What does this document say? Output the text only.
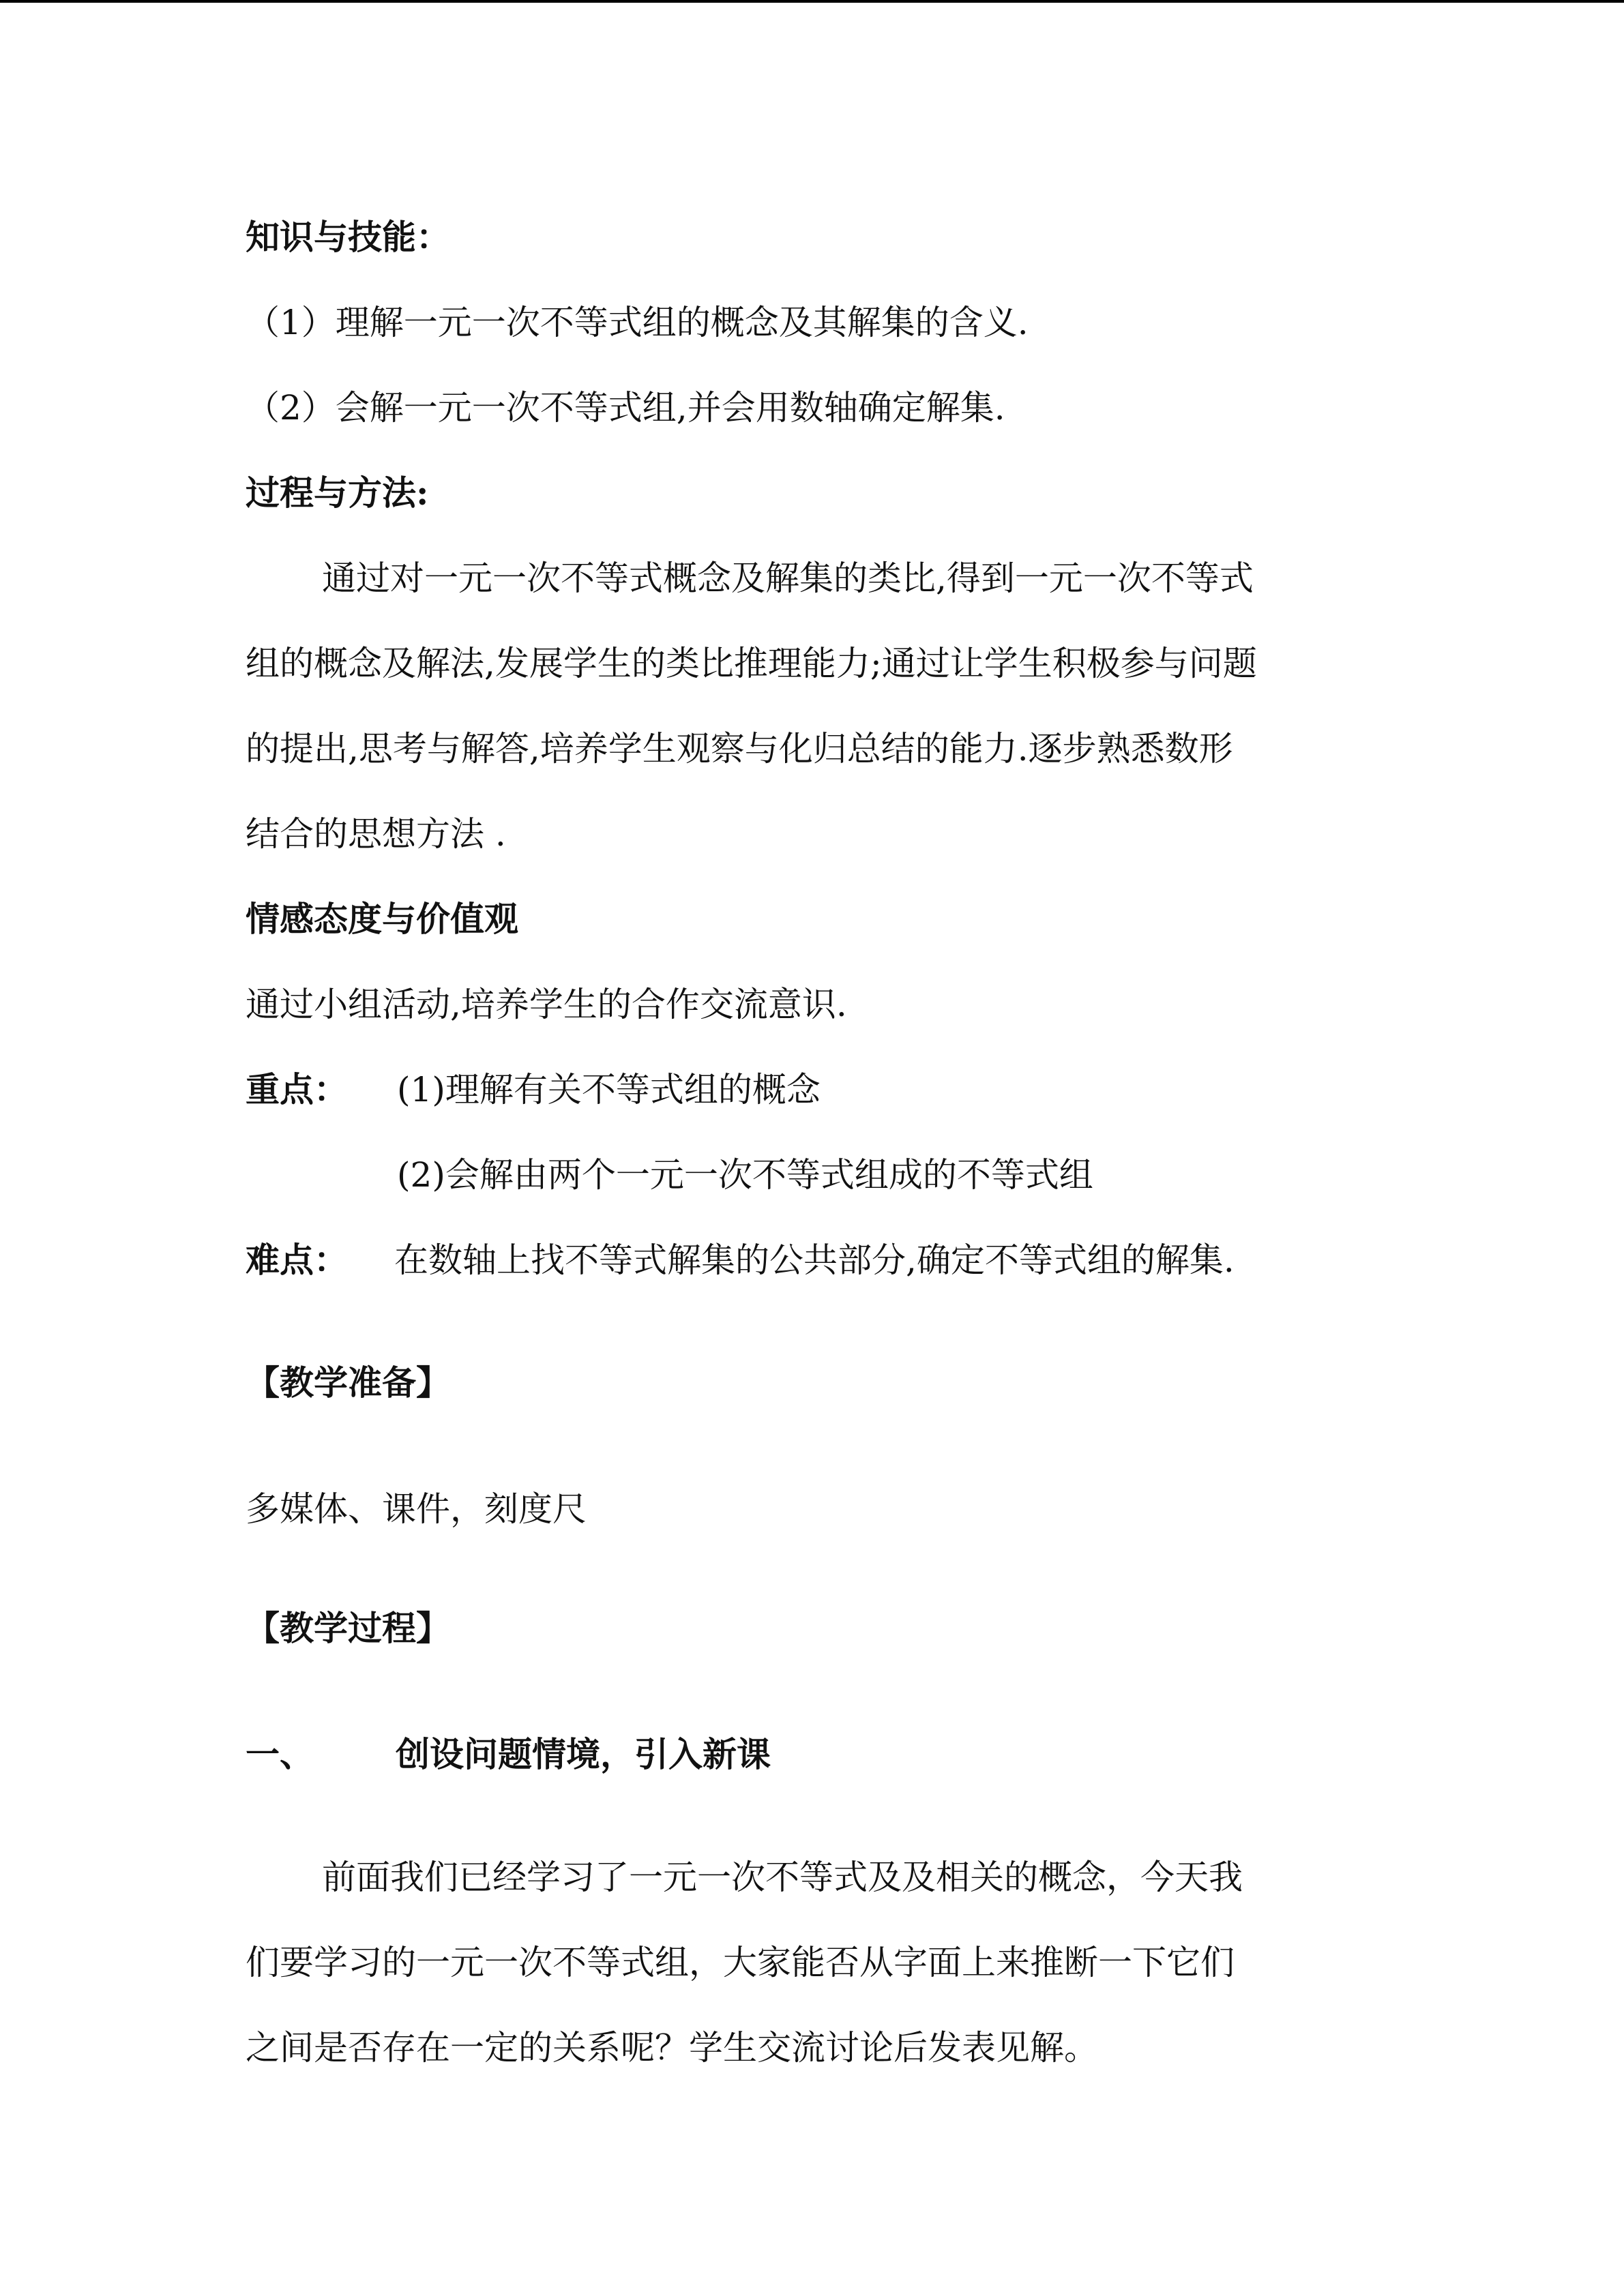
知识与技能：
（1）理解一元一次不等式组的概念及其解集的含义.
（2）会解一元一次不等式组,并会用数轴确定解集.
过程与方法:
通过对一元一次不等式概念及解集的类比,得到一元一次不等式
组的概念及解法,发展学生的类比推理能力;通过让学生积极参与问题
的提出,思考与解答,培养学生观察与化归总结的能力.逐步熟悉数形
结合的思想方法 .
情感态度与价值观
通过小组活动,培养学生的合作交流意识.
重点： (1)理解有关不等式组的概念
(2)会解由两个一元一次不等式组成的不等式组
难点： 在数轴上找不等式解集的公共部分,确定不等式组的解集.
【教学准备】
多媒体、课件，刻度尺
【教学过程】
一、 创设问题情境，引入新课
前面我们已经学习了一元一次不等式及及相关的概念，今天我
们要学习的一元一次不等式组，大家能否从字面上来推断一下它们
之间是否存在一定的关系呢？学生交流讨论后发表见解。
